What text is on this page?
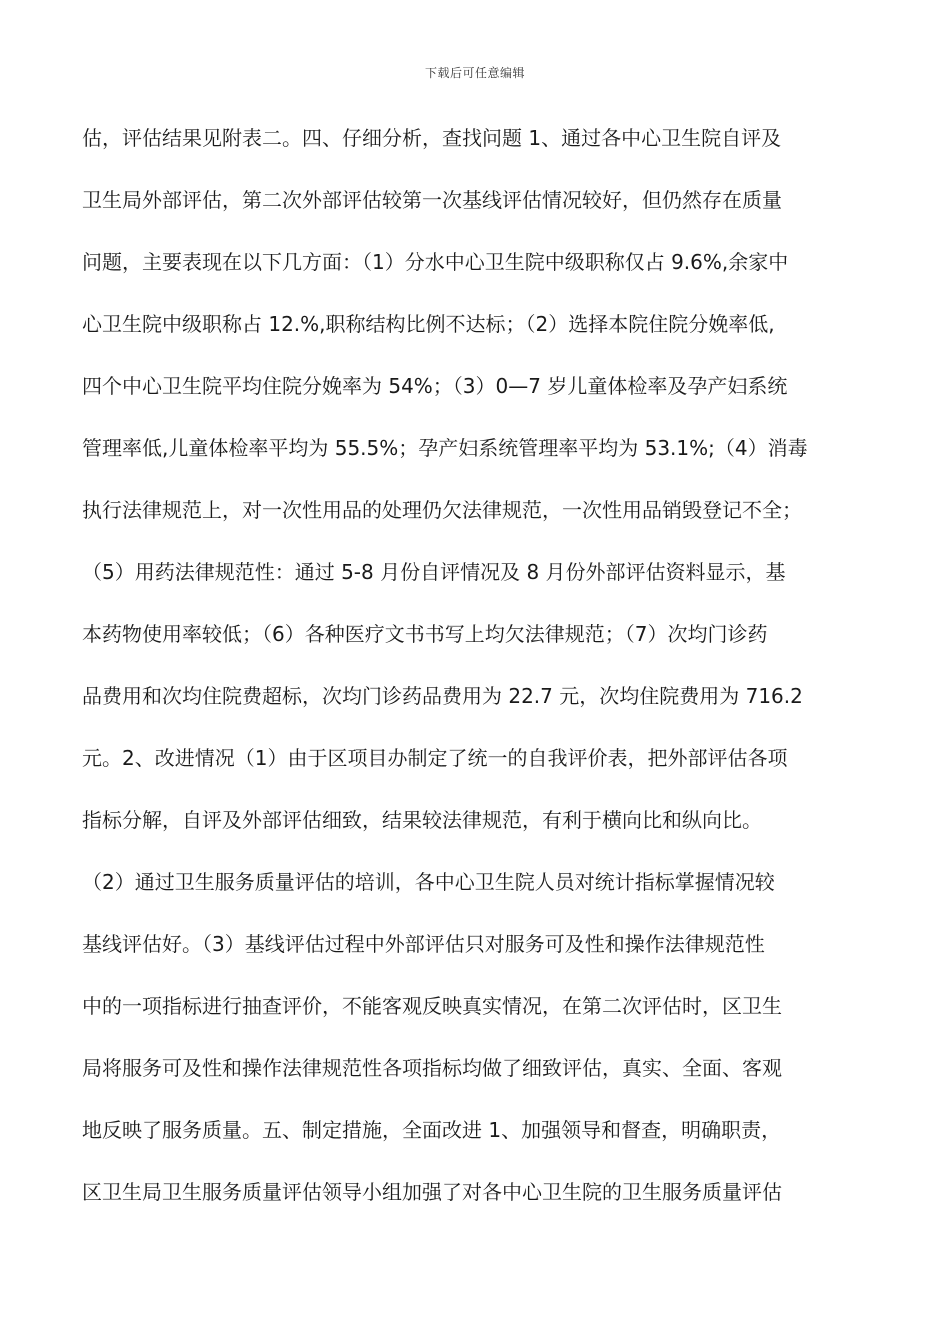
下载后可任意编辑
估，评估结果见附表二。四、仔细分析，查找问题 1、通过各中心卫生院自评及
卫生局外部评估，第二次外部评估较第一次基线评估情况较好，但仍然存在质量
问题，主要表现在以下几方面：（1）分水中心卫生院中级职称仅占 9.6%,余家中
心卫生院中级职称占 12.%,职称结构比例不达标；（2）选择本院住院分娩率低,
四个中心卫生院平均住院分娩率为 54%；（3）0—7 岁儿童体检率及孕产妇系统
管理率低,儿童体检率平均为 55.5%；孕产妇系统管理率平均为 53.1%;（4）消毒
执行法律规范上，对一次性用品的处理仍欠法律规范，一次性用品销毁登记不全；
（5）用药法律规范性：通过 5-8 月份自评情况及 8 月份外部评估资料显示，基
本药物使用率较低；（6）各种医疗文书书写上均欠法律规范；（7）次均门诊药
品费用和次均住院费超标，次均门诊药品费用为 22.7 元，次均住院费用为 716.2
元。2、改进情况（1）由于区项目办制定了统一的自我评价表，把外部评估各项
指标分解，自评及外部评估细致，结果较法律规范，有利于横向比和纵向比。
（2）通过卫生服务质量评估的培训，各中心卫生院人员对统计指标掌握情况较
基线评估好。（3）基线评估过程中外部评估只对服务可及性和操作法律规范性
中的一项指标进行抽查评价，不能客观反映真实情况，在第二次评估时，区卫生
局将服务可及性和操作法律规范性各项指标均做了细致评估，真实、全面、客观
地反映了服务质量。五、制定措施，全面改进 1、加强领导和督查，明确职责，
区卫生局卫生服务质量评估领导小组加强了对各中心卫生院的卫生服务质量评估
